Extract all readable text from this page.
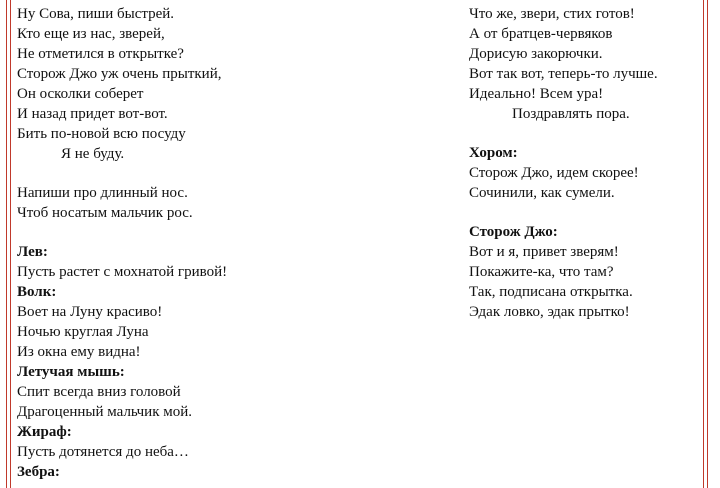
Ну Сова, пиши быстрей.
Кто еще из нас, зверей,
Не отметился в открытке?
Сторож Джо уж очень прыткий,
Он осколки соберет
И назад придет вот-вот.
Бить по-новой всю посуду
Я не буду.
Напиши про длинный нос.
Чтоб носатым мальчик рос.
Лев:
Пусть растет с мохнатой гривой!
Волк:
Воет на Луну красиво!
Ночью круглая Луна
Из окна ему видна!
Летучая мышь:
Спит всегда вниз головой
Драгоценный мальчик мой.
Жираф:
Пусть дотянется до неба…
Зебра:
Что же, звери, стих готов!
А от братцев-червяков
Дорисую закорючки.
Вот так вот, теперь-то лучше.
Идеально! Всем ура!
Поздравлять пора.
Хором:
Сторож Джо, идем скорее!
Сочинили, как сумели.
Сторож Джо:
Вот и я, привет зверям!
Покажите-ка, что там?
Так, подписана открытка.
Эдак ловко, эдак прытко!
